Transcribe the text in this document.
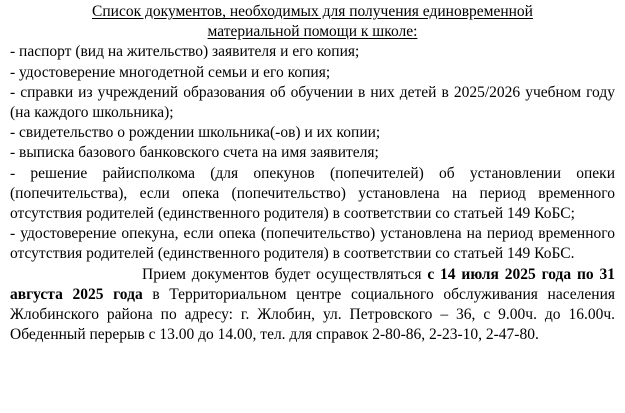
Список документов, необходимых для получения единовременной
материальной помощи к школе:

- паспорт (вид на жительство) заявителя и его копия;

- удостоверение многодетной семьи и его копия;

- справки из учреждений образования об обучении в них детей в 2025/2026 учебном году (на каждого школьника);

- свидетельство о рождении школьника(-ов) и их копии;

- выписка базового банковского счета на имя заявителя;

- решение райисполкома (для опекунов (попечителей) об установлении опеки (попечительства), если опека (попечительство) установлена на период временного отсутствия родителей (единственного родителя) в соответствии со статьей 149 КоБС;

- удостоверение опекуна, если опека (попечительство) установлена на период временного отсутствия родителей (единственного родителя) в соответствии со статьей 149 КоБС.

Прием документов будет осуществляться с 14 июля 2025 года по 31 августа 2025 года в Территориальном центре социального обслуживания населения Жлобинского района по адресу: г. Жлобин, ул. Петровского – 36, с 9.00ч. до 16.00ч. Обеденный перерыв с 13.00 до 14.00, тел. для справок 2-80-86, 2-23-10, 2-47-80.
